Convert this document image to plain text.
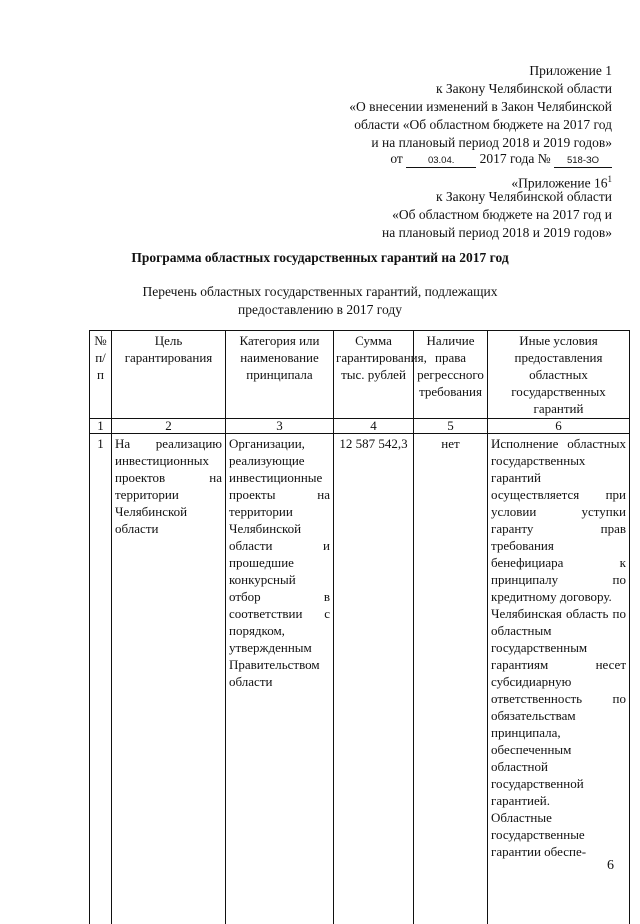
Приложение 1
к Закону Челябинской области
«О внесении изменений в Закон Челябинской
области «Об областном бюджете на 2017 год
и на плановый период 2018 и 2019 годов»
от	03.04. 2017 года № 518-ЗО
«Приложение $16^1$
к Закону Челябинской области
«Об областном бюджете на 2017 год и
на плановый период 2018 и 2019 годов»
Программа областных государственных гарантий на 2017 год
Перечень областных государственных гарантий, подлежащих предоставлению в 2017 году
№ п/п	Цель гарантирования	Категория или наименование принципала	Сумма гарантирования, тыс. рублей	Наличие права регрессного требования	Иные условия предоставления областных государственных гарантий
1	2	3	4	5	6
1	На реализацию инвестиционных проектов на территории Челябинской области	Организации, реализующие инвестиционные проекты на территории Челябинской области и прошедшие конкурсный отбор в соответствии с порядком, утвержденным Правительством области	12 587 542,3	нет	Исполнение областных государственных гарантий осуществляется при условии уступки гаранту прав требования бенефициара к принципалу по кредитному договору.

Челябинская область по областным государственным гарантиям несет субсидиарную ответственность по обязательствам принципала, обеспеченным областной государственной гарантией.

Областные государственные гарантии обеспе-

6
